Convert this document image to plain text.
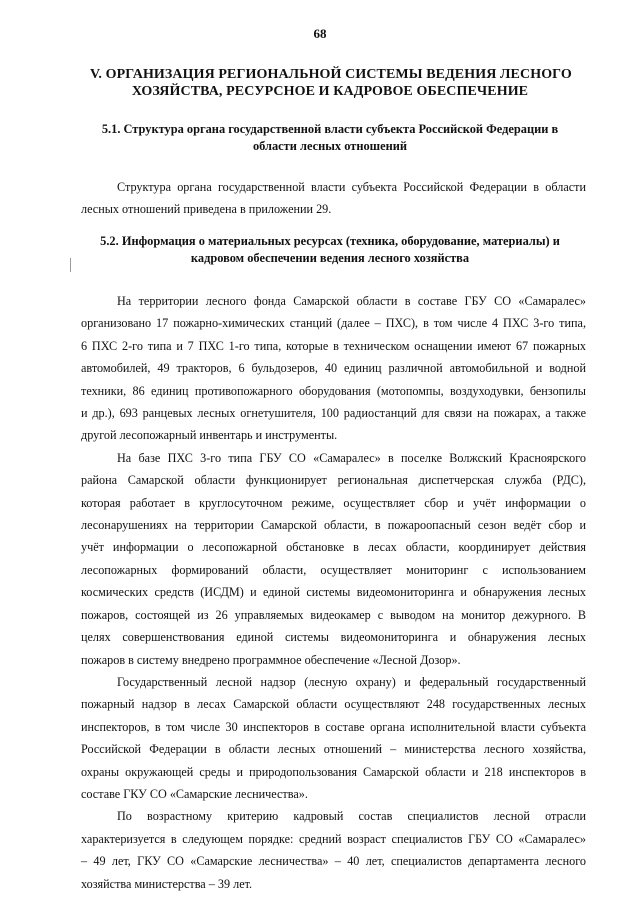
68
V. ОРГАНИЗАЦИЯ РЕГИОНАЛЬНОЙ СИСТЕМЫ ВЕДЕНИЯ ЛЕСНОГО
ХОЗЯЙСТВА, РЕСУРСНОЕ И КАДРОВОЕ ОБЕСПЕЧЕНИЕ
5.1. Структура органа государственной власти субъекта Российской Федерации в
области лесных отношений
Структура органа государственной власти субъекта Российской Федерации в области
лесных отношений приведена в приложении 29.
5.2. Информация о материальных ресурсах (техника, оборудование, материалы) и
кадровом обеспечении ведения лесного хозяйства
На территории лесного фонда Самарской области в составе ГБУ СО «Самаралес»
организовано 17 пожарно-химических станций (далее – ПХС), в том числе 4 ПХС 3-го типа,
6 ПХС 2-го типа и 7 ПХС 1-го типа, которые в техническом оснащении имеют 67 пожарных
автомобилей, 49 тракторов, 6 бульдозеров, 40 единиц различной автомобильной и водной
техники, 86 единиц противопожарного оборудования (мотопомпы, воздуходувки, бензопилы
и др.), 693 ранцевых лесных огнетушителя, 100 радиостанций для связи на пожарах, а также
другой лесопожарный инвентарь и инструменты.
На базе ПХС 3-го типа ГБУ СО «Самаралес» в поселке Волжский Красноярского
района Самарской области функционирует региональная диспетчерская служба (РДС),
которая работает в круглосуточном режиме, осуществляет сбор и учёт информации о
лесонарушениях на территории Самарской области, в пожароопасный сезон ведёт сбор и
учёт информации о лесопожарной обстановке в лесах области, координирует действия
лесопожарных формирований области, осуществляет мониторинг с использованием
космических средств (ИСДМ) и единой системы видеомониторинга и обнаружения лесных
пожаров, состоящей из 26 управляемых видеокамер с выводом на монитор дежурного. В
целях совершенствования единой системы видеомониторинга и обнаружения лесных
пожаров в систему внедрено программное обеспечение «Лесной Дозор».
Государственный лесной надзор (лесную охрану) и федеральный государственный
пожарный надзор в лесах Самарской области осуществляют 248 государственных лесных
инспекторов, в том числе 30 инспекторов в составе органа исполнительной власти субъекта
Российской Федерации в области лесных отношений – министерства лесного хозяйства,
охраны окружающей среды и природопользования Самарской области и 218 инспекторов в
составе ГКУ СО «Самарские лесничества».
По возрастному критерию кадровый состав специалистов лесной отрасли
характеризуется в следующем порядке: средний возраст специалистов ГБУ СО «Самаралес»
– 49 лет, ГКУ СО «Самарские лесничества» – 40 лет, специалистов департамента лесного
хозяйства министерства – 39 лет.
